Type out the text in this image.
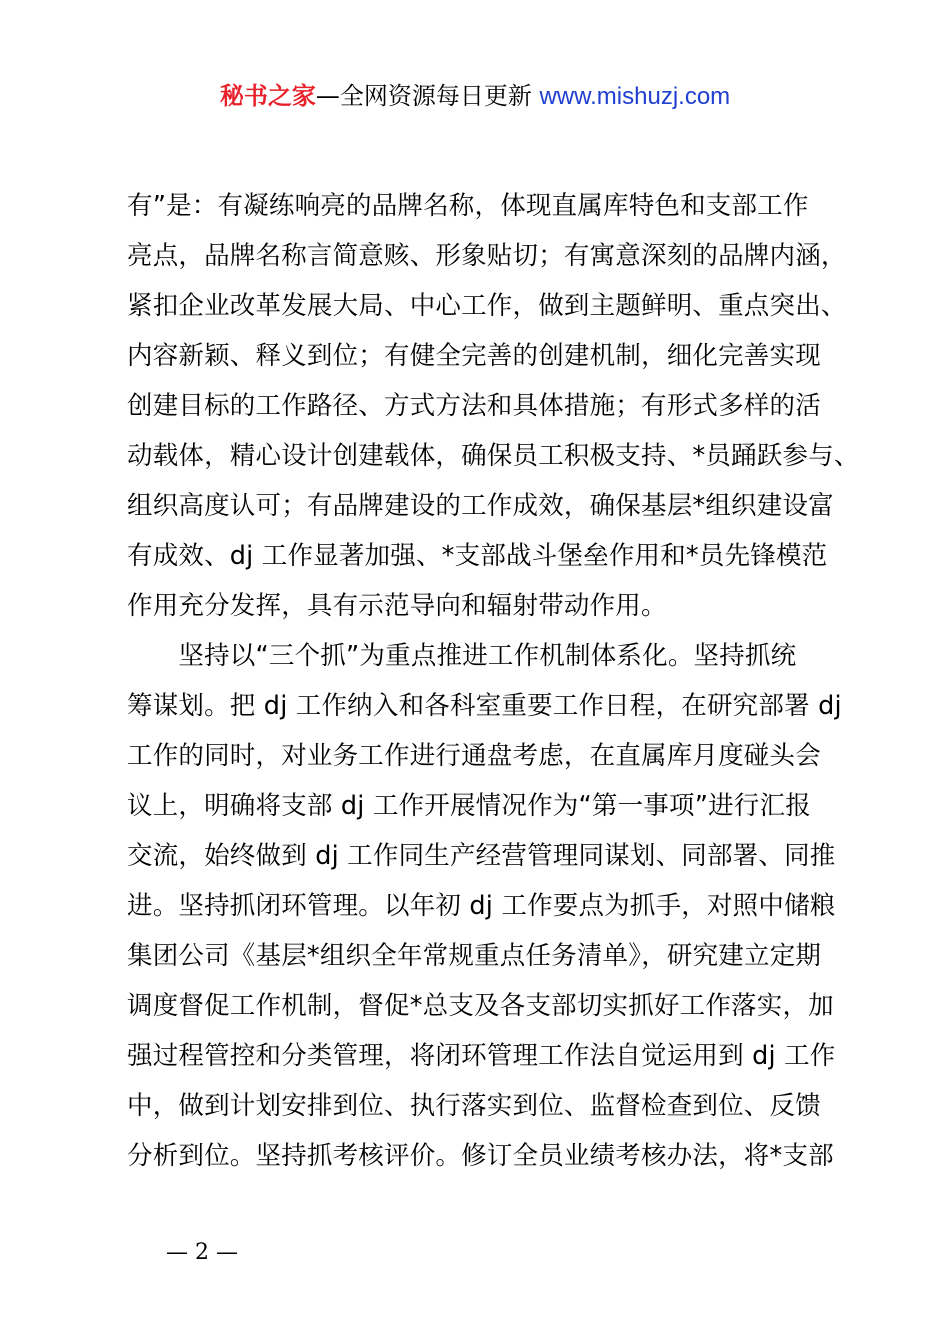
秘书之家—全网资源每日更新 www.mishuzj.com
有”是：有凝练响亮的品牌名称，体现直属库特色和支部工作
亮点，品牌名称言简意赅、形象贴切；有寓意深刻的品牌内涵，
紧扣企业改革发展大局、中心工作，做到主题鲜明、重点突出、
内容新颖、释义到位；有健全完善的创建机制，细化完善实现
创建目标的工作路径、方式方法和具体措施；有形式多样的活
动载体，精心设计创建载体，确保员工积极支持、*员踊跃参与、
组织高度认可；有品牌建设的工作成效，确保基层*组织建设富
有成效、dj 工作显著加强、*支部战斗堡垒作用和*员先锋模范
作用充分发挥，具有示范导向和辐射带动作用。
　　坚持以“三个抓”为重点推进工作机制体系化。坚持抓统
筹谋划。把 dj 工作纳入和各科室重要工作日程，在研究部署 dj
工作的同时，对业务工作进行通盘考虑，在直属库月度碰头会
议上，明确将支部 dj 工作开展情况作为“第一事项”进行汇报
交流，始终做到 dj 工作同生产经营管理同谋划、同部署、同推
进。坚持抓闭环管理。以年初 dj 工作要点为抓手，对照中储粮
集团公司《基层*组织全年常规重点任务清单》，研究建立定期
调度督促工作机制，督促*总支及各支部切实抓好工作落实，加
强过程管控和分类管理，将闭环管理工作法自觉运用到 dj 工作
中，做到计划安排到位、执行落实到位、监督检查到位、反馈
分析到位。坚持抓考核评价。修订全员业绩考核办法，将*支部
— 2 —
